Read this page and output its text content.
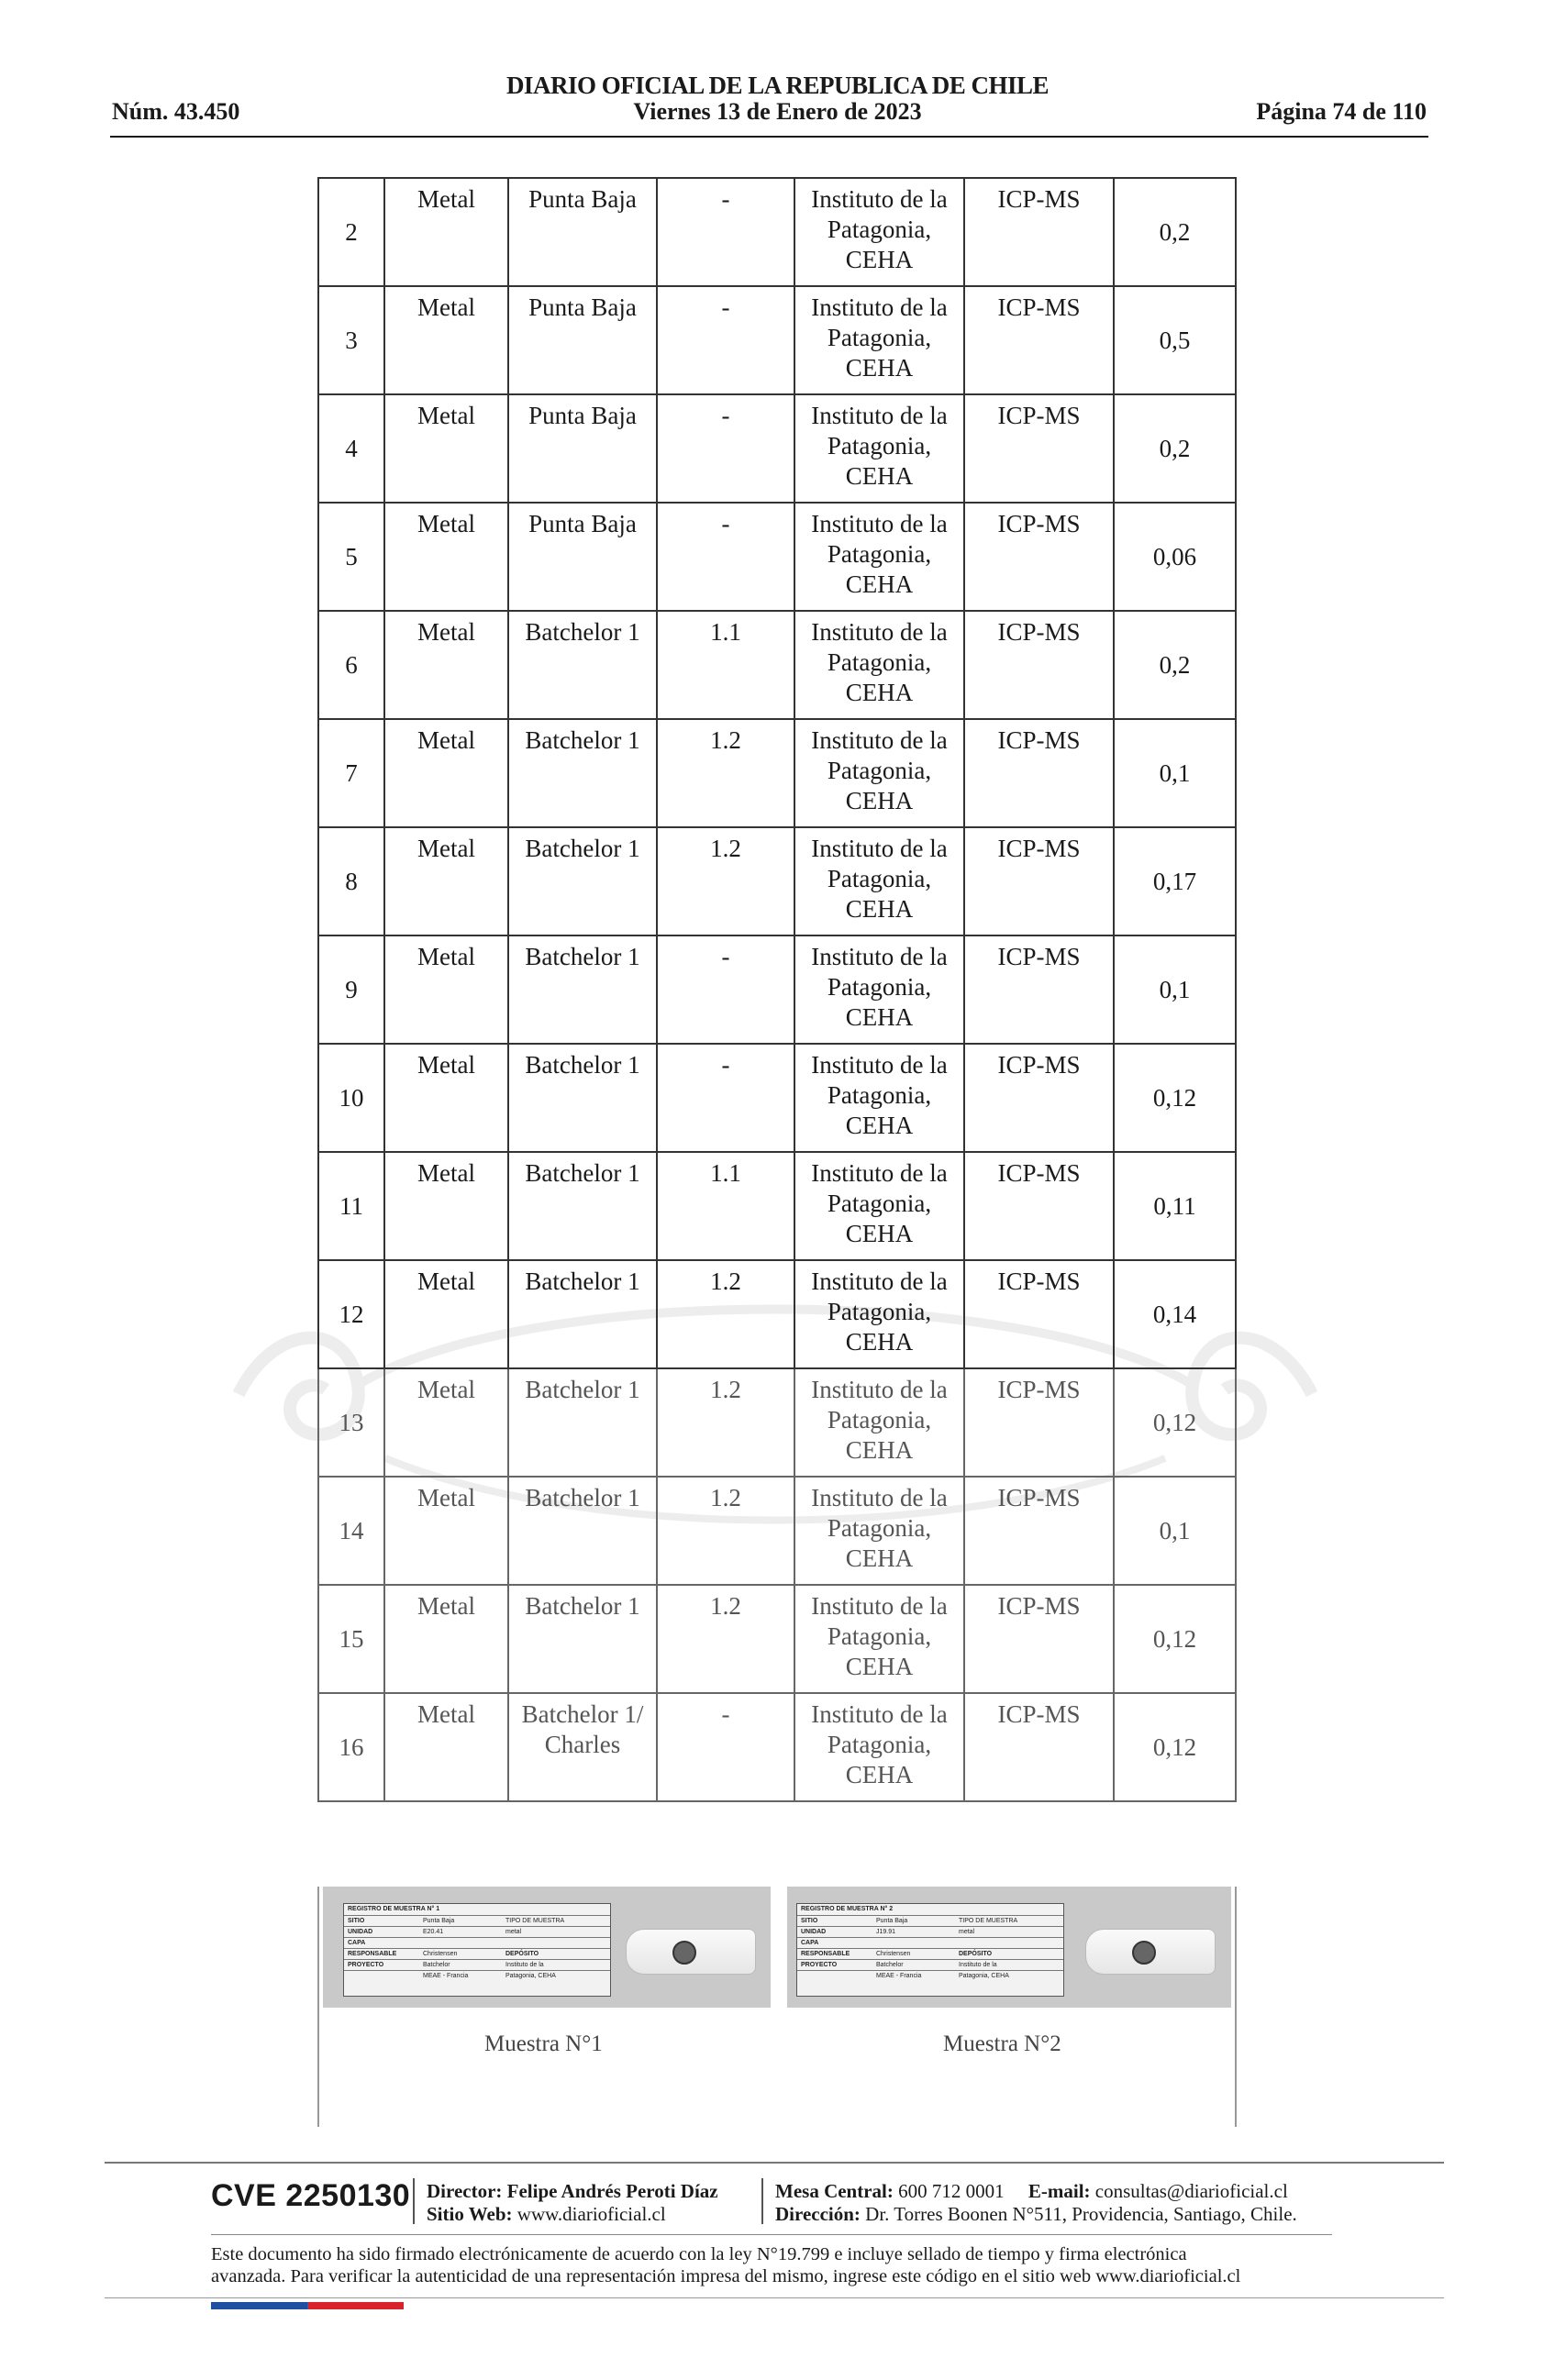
DIARIO OFICIAL DE LA REPUBLICA DE CHILE
Núm. 43.450	Viernes 13 de Enero de 2023	Página 74 de 110
2	Metal	Punta Baja	-	Instituto de la
Patagonia,
CEHA	ICP-MS	0,2
3	Metal	Punta Baja	-	Instituto de la
Patagonia,
CEHA	ICP-MS	0,5
4	Metal	Punta Baja	-	Instituto de la
Patagonia,
CEHA	ICP-MS	0,2
5	Metal	Punta Baja	-	Instituto de la
Patagonia,
CEHA	ICP-MS	0,06
6	Metal	Batchelor 1	1.1	Instituto de la
Patagonia,
CEHA	ICP-MS	0,2
7	Metal	Batchelor 1	1.2	Instituto de la
Patagonia,
CEHA	ICP-MS	0,1
8	Metal	Batchelor 1	1.2	Instituto de la
Patagonia,
CEHA	ICP-MS	0,17
9	Metal	Batchelor 1	-	Instituto de la
Patagonia,
CEHA	ICP-MS	0,1
10	Metal	Batchelor 1	-	Instituto de la
Patagonia,
CEHA	ICP-MS	0,12
11	Metal	Batchelor 1	1.1	Instituto de la
Patagonia,
CEHA	ICP-MS	0,11
12	Metal	Batchelor 1	1.2	Instituto de la
Patagonia,
CEHA	ICP-MS	0,14
13	Metal	Batchelor 1	1.2	Instituto de la
Patagonia,
CEHA	ICP-MS	0,12
14	Metal	Batchelor 1	1.2	Instituto de la
Patagonia,
CEHA	ICP-MS	0,1
15	Metal	Batchelor 1	1.2	Instituto de la
Patagonia,
CEHA	ICP-MS	0,12
16	Metal	Batchelor 1/ Charles	-	Instituto de la
Patagonia,
CEHA	ICP-MS	0,12
REGISTRO DE MUESTRA N° 1
SITIO	Punta Baja	TIPO DE MUESTRA
UNIDAD	E20.41	metal
CAPA
RESPONSABLE	Christensen	DEPÓSITO
PROYECTO	Batchelor	Instituto de la
MEAE - Francia	Patagonia, CEHA
Muestra N°1
REGISTRO DE MUESTRA N° 2
SITIO	Punta Baja	TIPO DE MUESTRA
UNIDAD	J19.91	metal
CAPA
RESPONSABLE	Christensen	DEPÓSITO
PROYECTO	Batchelor	Instituto de la
MEAE - Francia	Patagonia, CEHA
Muestra N°2
CVE 2250130 Director: Felipe Andrés Peroti Díaz
Sitio Web: www.diarioficial.cl
Mesa Central: 600 712 0001 E-mail: consultas@diarioficial.cl
Dirección: Dr. Torres Boonen N°511, Providencia, Santiago, Chile.
Este documento ha sido firmado electrónicamente de acuerdo con la ley N°19.799 e incluye sellado de tiempo y firma electrónica
avanzada. Para verificar la autenticidad de una representación impresa del mismo, ingrese este código en el sitio web www.diarioficial.cl
